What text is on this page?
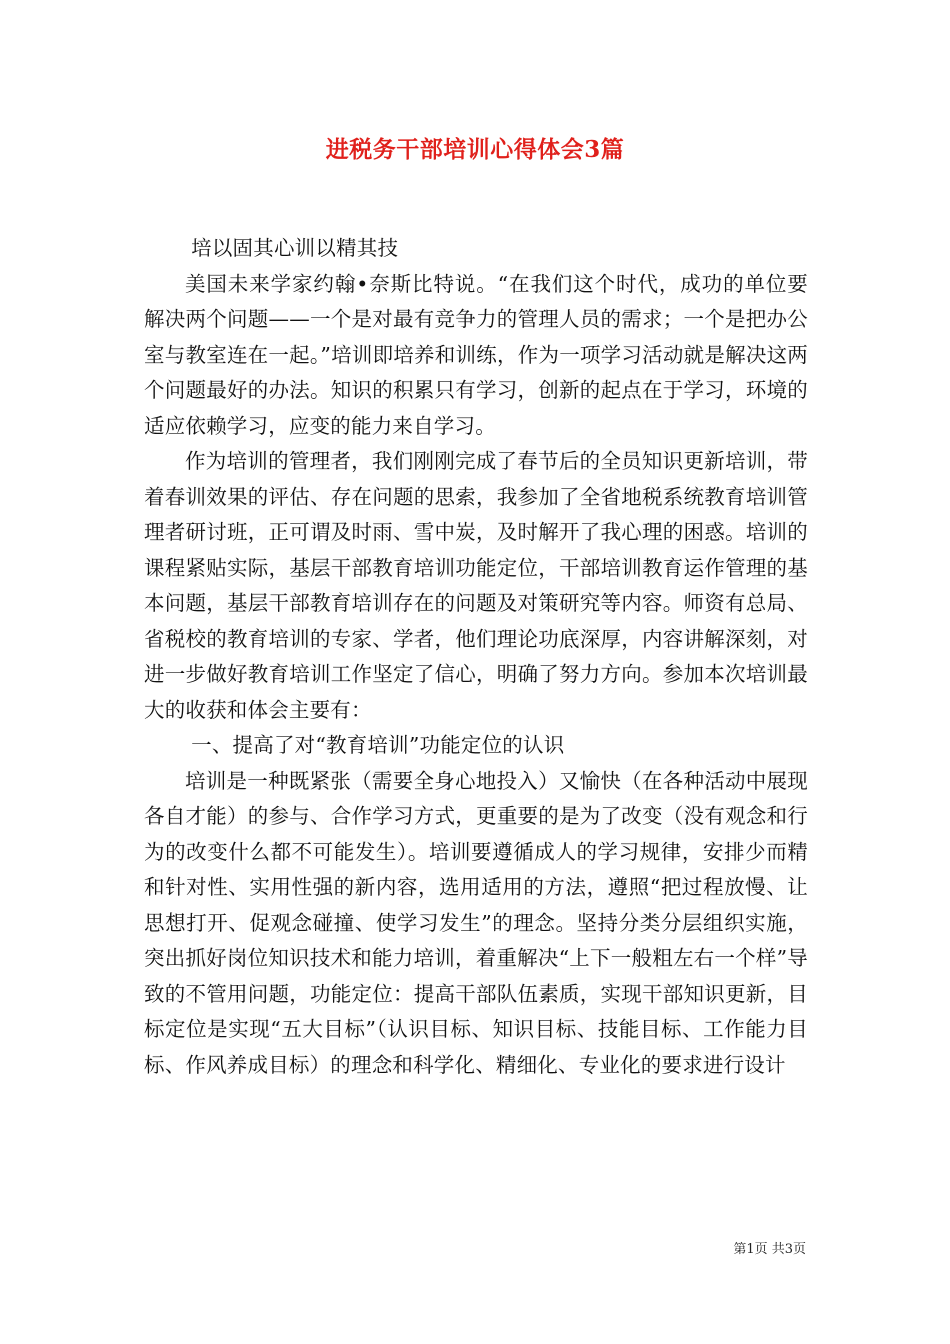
进税务干部培训心得体会3篇

培以固其心训以精其技

美国未来学家约翰•奈斯比特说。“在我们这个时代，成功的单位要解决两个问题——一个是对最有竞争力的管理人员的需求；一个是把办公室与教室连在一起。”培训即培养和训练，作为一项学习活动就是解决这两个问题最好的办法。知识的积累只有学习，创新的起点在于学习，环境的适应依赖学习，应变的能力来自学习。

作为培训的管理者，我们刚刚完成了春节后的全员知识更新培训，带着春训效果的评估、存在问题的思索，我参加了全省地税系统教育培训管理者研讨班，正可谓及时雨、雪中炭，及时解开了我心理的困惑。培训的课程紧贴实际，基层干部教育培训功能定位，干部培训教育运作管理的基本问题，基层干部教育培训存在的问题及对策研究等内容。师资有总局、省税校的教育培训的专家、学者，他们理论功底深厚，内容讲解深刻，对进一步做好教育培训工作坚定了信心，明确了努力方向。参加本次培训最大的收获和体会主要有：

一、提高了对“教育培训”功能定位的认识

培训是一种既紧张（需要全身心地投入）又愉快（在各种活动中展现各自才能）的参与、合作学习方式，更重要的是为了改变（没有观念和行为的改变什么都不可能发生）。培训要遵循成人的学习规律，安排少而精和针对性、实用性强的新内容，选用适用的方法，遵照“把过程放慢、让思想打开、促观念碰撞、使学习发生”的理念。坚持分类分层组织实施，突出抓好岗位知识技术和能力培训，着重解决“上下一般粗左右一个样”导致的不管用问题，功能定位：提高干部队伍素质，实现干部知识更新，目标定位是实现“五大目标”（认识目标、知识目标、技能目标、工作能力目标、作风养成目标）的理念和科学化、精细化、专业化的要求进行设计

第1页 共3页
